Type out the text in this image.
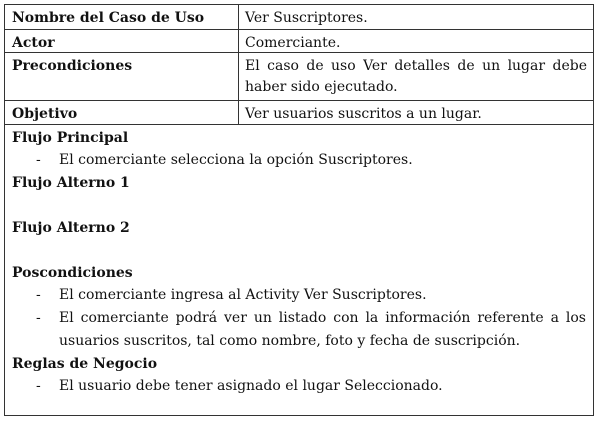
Nombre del Caso de Uso	Ver Suscriptores.
Actor	Comerciante.
Precondiciones	El caso de uso Ver detalles de un lugar debe haber sido ejecutado.
Objetivo	Ver usuarios suscritos a un lugar.
Flujo Principal
-	El comerciante selecciona la opción Suscriptores.
Flujo Alterno 1
Flujo Alterno 2
Poscondiciones
-	El comerciante ingresa al Activity Ver Suscriptores.
-	El comerciante podrá ver un listado con la información referente a los usuarios suscritos, tal como nombre, foto y fecha de suscripción.
Reglas de Negocio
-	El usuario debe tener asignado el lugar Seleccionado.
